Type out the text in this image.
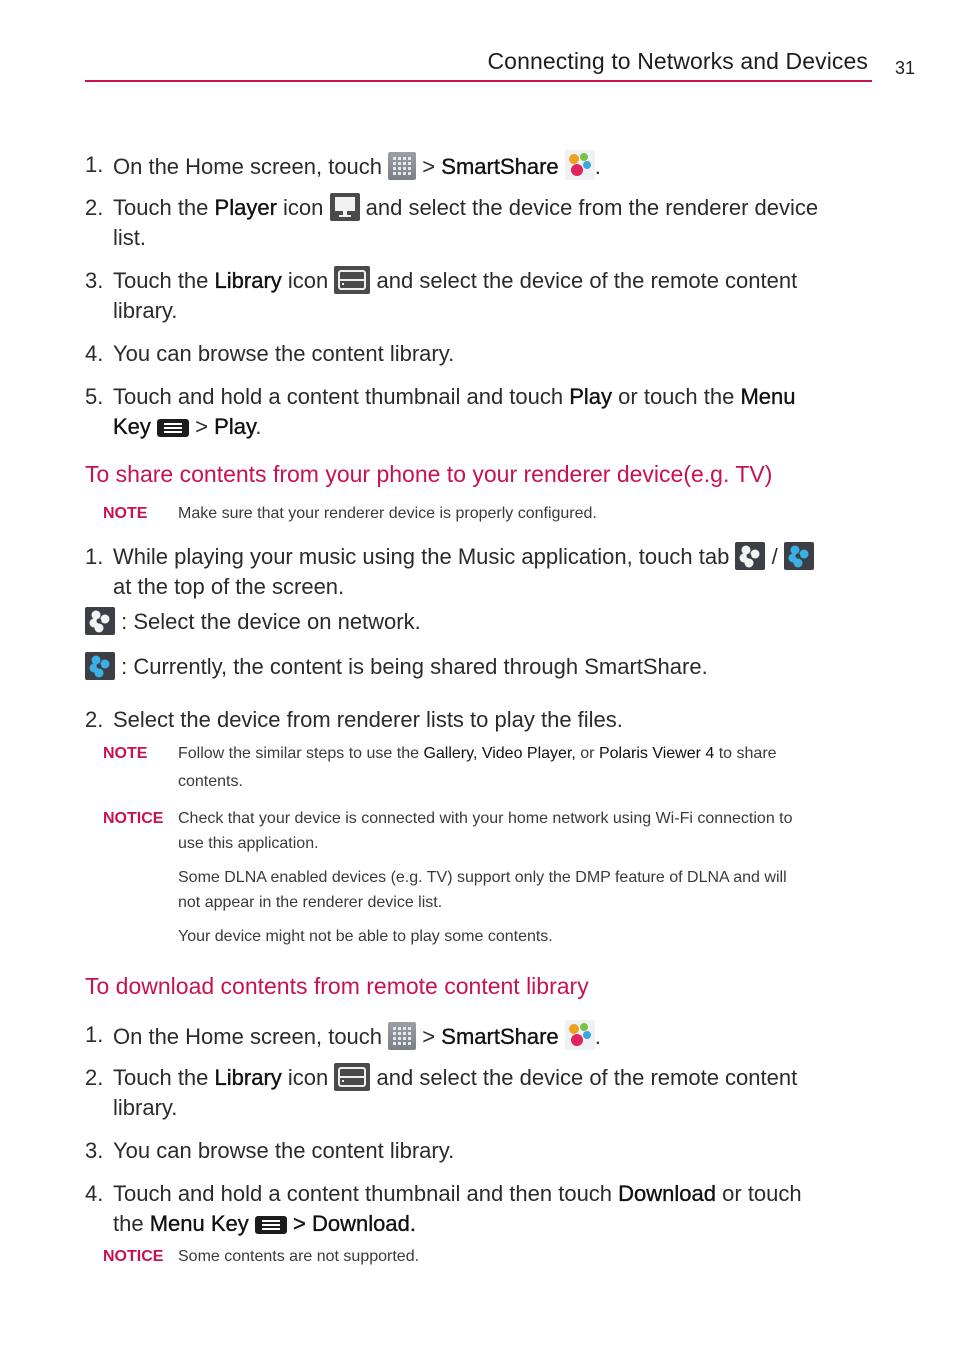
Connecting to Networks and Devices 31
1. On the Home screen, touch > SmartShare .
2. Touch the Player icon and select the device from the renderer device
list.
3. Touch the Library icon and select the device of the remote content
library.
4. You can browse the content library.
5. Touch and hold a content thumbnail and touch Play or touch the Menu
Key > Play.
To share contents from your phone to your renderer device(e.g. TV)
NOTE Make sure that your renderer device is properly configured.
1. While playing your music using the Music application, touch tab /
at the top of the screen.
: Select the device on network.
: Currently, the content is being shared through SmartShare.
2. Select the device from renderer lists to play the files.
NOTE Follow the similar steps to use the Gallery, Video Player, or Polaris Viewer 4 to share
contents.
NOTICE Check that your device is connected with your home network using Wi-Fi connection to
use this application.
Some DLNA enabled devices (e.g. TV) support only the DMP feature of DLNA and will
not appear in the renderer device list.
Your device might not be able to play some contents.
To download contents from remote content library
1. On the Home screen, touch > SmartShare .
2. Touch the Library icon and select the device of the remote content
library.
3. You can browse the content library.
4. Touch and hold a content thumbnail and then touch Download or touch
the Menu Key > Download.
NOTICE Some contents are not supported.
